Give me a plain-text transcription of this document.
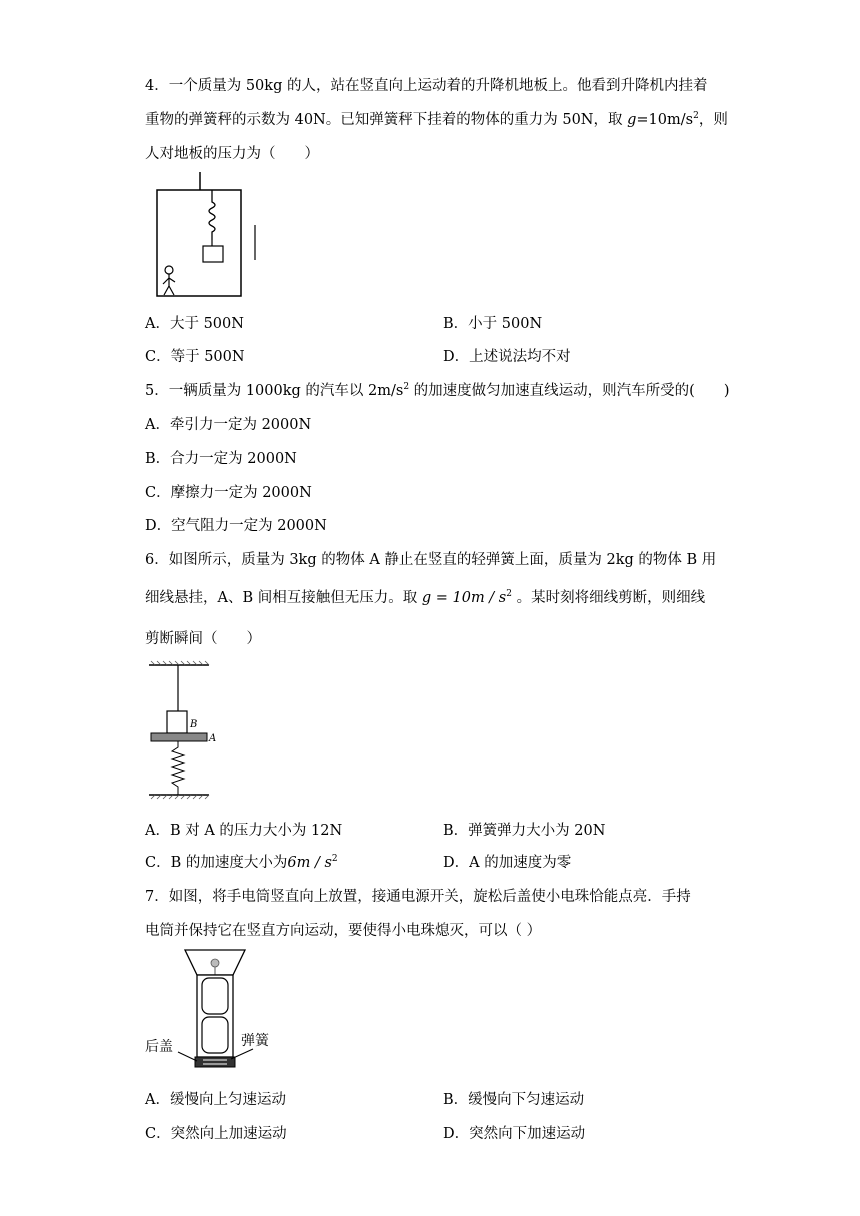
4．一个质量为 50kg 的人，站在竖直向上运动着的升降机地板上。他看到升降机内挂着
重物的弹簧秤的示数为 40N。已知弹簧秤下挂着的物体的重力为 50N，取 $g=10m/s^2$，则
人对地板的压力为（　　）
A．大于 500N	B．小于 500N
C．等于 500N	D．上述说法均不对
5．一辆质量为 1000kg 的汽车以 $2m/s^2$ 的加速度做匀加速直线运动，则汽车所受的(　　)
A．牵引力一定为 2000N
B．合力一定为 2000N
C．摩擦力一定为 2000N
D．空气阻力一定为 2000N
6．如图所示，质量为 3kg 的物体 A 静止在竖直的轻弹簧上面，质量为 2kg 的物体 B 用
细线悬挂，A、B 间相互接触但无压力。取 $g = 10m / s^2$ 。某时刻将细线剪断，则细线
剪断瞬间（　　）
B
A
A．B 对 A 的压力大小为 12N	B．弹簧弹力大小为 20N
C．B 的加速度大小为$6m / s^2$	D．A 的加速度为零
7．如图，将手电筒竖直向上放置，接通电源开关，旋松后盖使小电珠恰能点亮．手持
电筒并保持它在竖直方向运动，要使得小电珠熄灭，可以（ ）
后盖	弹簧
A．缓慢向上匀速运动	B．缓慢向下匀速运动
C．突然向上加速运动	D．突然向下加速运动
